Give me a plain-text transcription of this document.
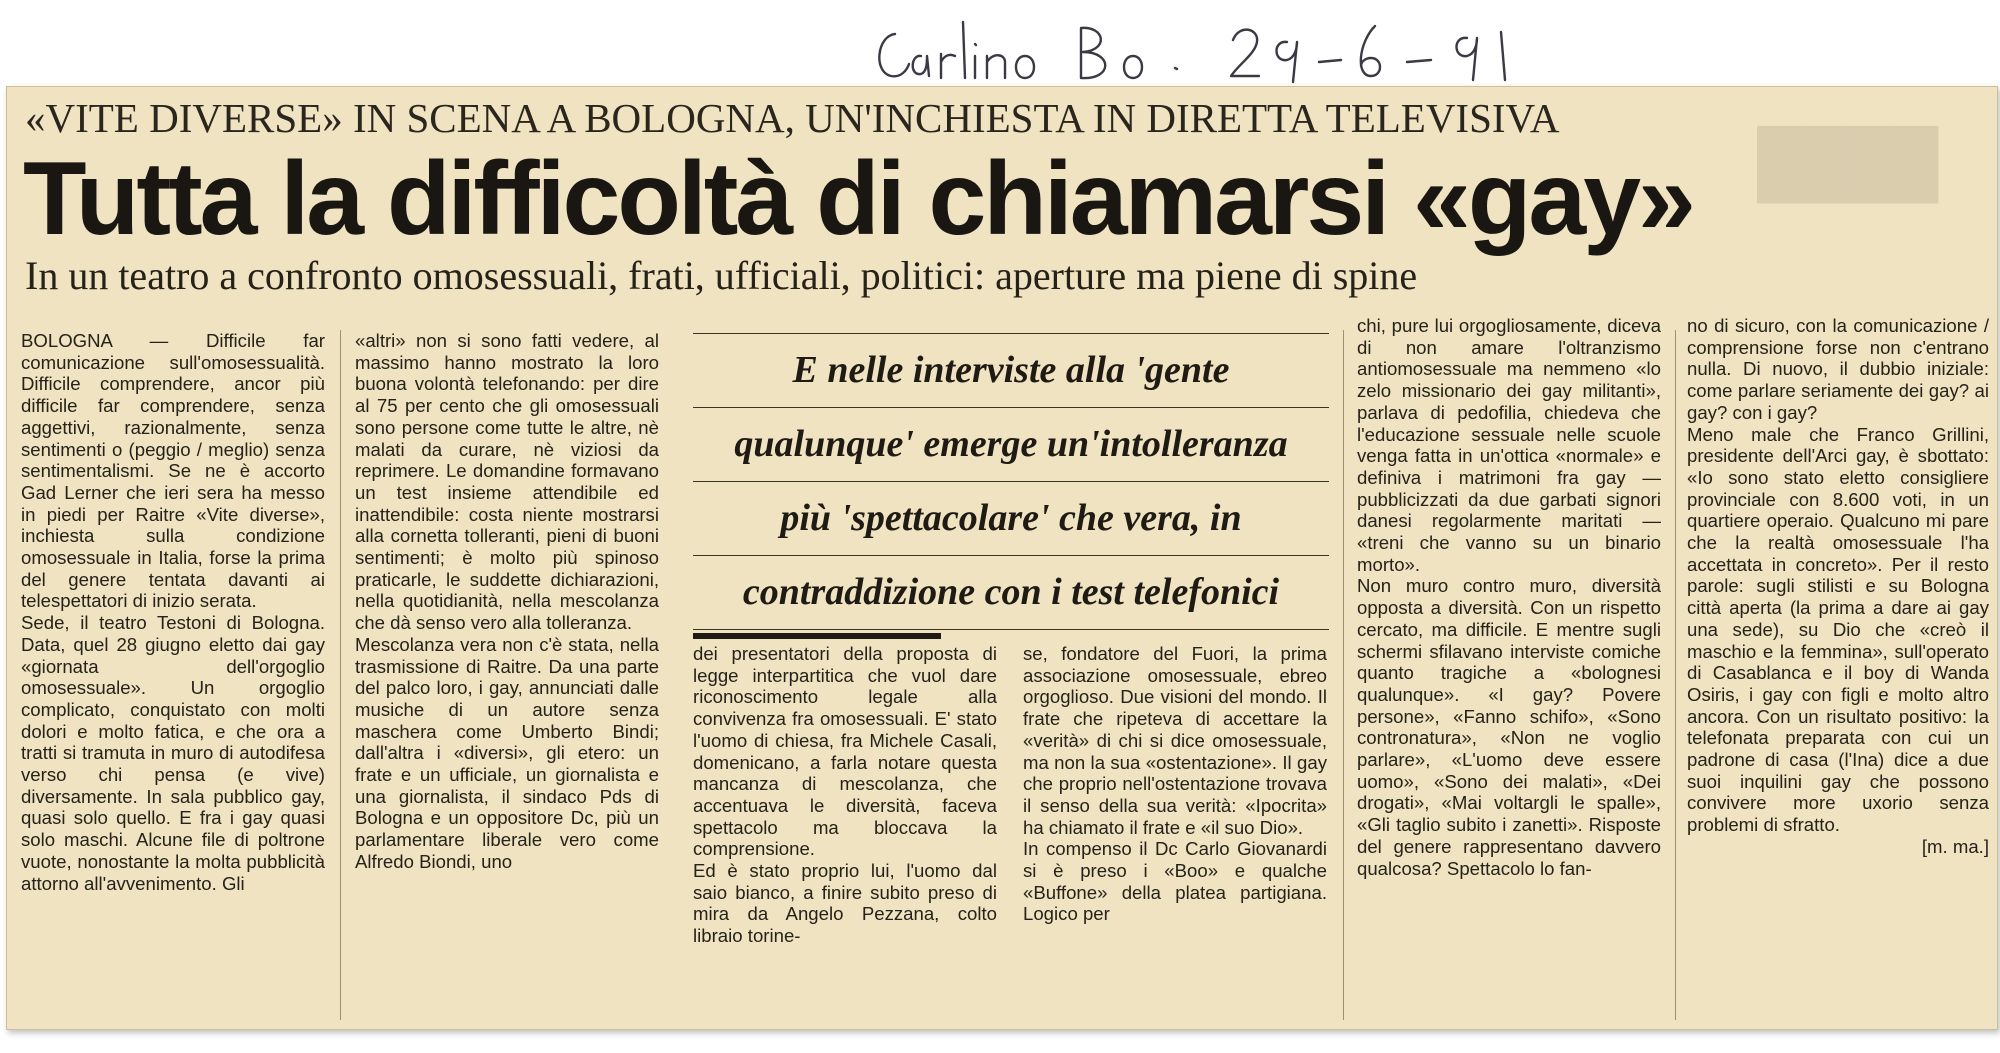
████
«VITE DIVERSE» IN SCENA A BOLOGNA, UN'INCHIESTA IN DIRETTA TELEVISIVA
Tutta la difficoltà di chiamarsi «gay»
In un teatro a confronto omosessuali, frati, ufficiali, politici: aperture ma piene di spine

BOLOGNA — Difficile far comunicazione sull'omosessualità. Difficile comprendere, ancor più difficile far comprendere, senza aggettivi, razionalmente, senza sentimenti o (peggio / meglio) senza sentimentalismi. Se ne è accorto Gad Lerner che ieri sera ha messo in piedi per Raitre «Vite diverse», inchiesta sulla condizione omosessuale in Italia, forse la prima del genere tentata davanti ai telespettatori di inizio serata.

Sede, il teatro Testoni di Bologna. Data, quel 28 giugno eletto dai gay «giornata dell'orgoglio omosessuale». Un orgoglio complicato, conquistato con molti dolori e molto fatica, e che ora a tratti si tramuta in muro di autodifesa verso chi pensa (e vive) diversamente. In sala pubblico gay, quasi solo quello. E fra i gay quasi solo maschi. Alcune file di poltrone vuote, nonostante la molta pubblicità attorno all'avvenimento. Gli

«altri» non si sono fatti vedere, al massimo hanno mostrato la loro buona volontà telefonando: per dire al 75 per cento che gli omosessuali sono persone come tutte le altre, nè malati da curare, nè viziosi da reprimere. Le domandine formavano un test insieme attendibile ed inattendibile: costa niente mostrarsi alla cornetta tolleranti, pieni di buoni sentimenti; è molto più spinoso praticarle, le suddette dichiarazioni, nella quotidianità, nella mescolanza che dà senso vero alla tolleranza.

Mescolanza vera non c'è stata, nella trasmissione di Raitre. Da una parte del palco loro, i gay, annunciati dalle musiche di un autore senza maschera come Umberto Bindi; dall'altra i «diversi», gli etero: un frate e un ufficiale, un giornalista e una giornalista, il sindaco Pds di Bologna e un oppositore Dc, più un parlamentare liberale vero come Alfredo Biondi, uno

E nelle interviste alla 'gente
qualunque' emerge un'intolleranza
più 'spettacolare' che vera, in
contraddizione con i test telefonici

dei presentatori della proposta di legge interpartitica che vuol dare riconoscimento legale alla convivenza fra omosessuali. E' stato l'uomo di chiesa, fra Michele Casali, domenicano, a farla notare questa mancanza di mescolanza, che accentuava le diversità, faceva spettacolo ma bloccava la comprensione.

Ed è stato proprio lui, l'uomo dal saio bianco, a finire subito preso di mira da Angelo Pezzana, colto libraio torine-

se, fondatore del Fuori, la prima associazione omosessuale, ebreo orgoglioso. Due visioni del mondo. Il frate che ripeteva di accettare la «verità» di chi si dice omosessuale, ma non la sua «ostentazione». Il gay che proprio nell'ostentazione trovava il senso della sua verità: «Ipocrita» ha chiamato il frate e «il suo Dio».

In compenso il Dc Carlo Giovanardi si è preso i «Boo» e qualche «Buffone» della platea partigiana. Logico per

chi, pure lui orgogliosamente, diceva di non amare l'oltranzismo antiomosessuale ma nemmeno «lo zelo missionario dei gay militanti», parlava di pedofilia, chiedeva che l'educazione sessuale nelle scuole venga fatta in un'ottica «normale» e definiva i matrimoni fra gay — pubblicizzati da due garbati signori danesi regolarmente maritati — «treni che vanno su un binario morto».

Non muro contro muro, diversità opposta a diversità. Con un rispetto cercato, ma difficile. E mentre sugli schermi sfilavano interviste comiche quanto tragiche a «bolognesi qualunque». «I gay? Povere persone», «Fanno schifo», «Sono contronatura», «Non ne voglio parlare», «L'uomo deve essere uomo», «Sono dei malati», «Dei drogati», «Mai voltargli le spalle», «Gli taglio subito i zanetti». Risposte del genere rappresentano davvero qualcosa? Spettacolo lo fan-

no di sicuro, con la comunicazione / comprensione forse non c'entrano nulla. Di nuovo, il dubbio iniziale: come parlare seriamente dei gay? ai gay? con i gay?

Meno male che Franco Grillini, presidente dell'Arci gay, è sbottato: «Io sono stato eletto consigliere provinciale con 8.600 voti, in un quartiere operaio. Qualcuno mi pare che la realtà omosessuale l'ha accettata in concreto». Per il resto parole: sugli stilisti e su Bologna città aperta (la prima a dare ai gay una sede), su Dio che «creò il maschio e la femmina», sull'operato di Casablanca e il boy di Wanda Osiris, i gay con figli e molto altro ancora. Con un risultato positivo: la telefonata preparata con cui un padrone di casa (l'Ina) dice a due suoi inquilini gay che possono convivere more uxorio senza problemi di sfratto.

[m. ma.]
